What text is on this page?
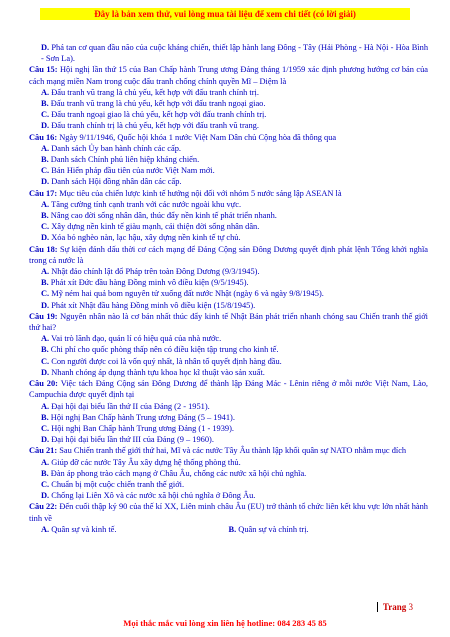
Đây là bản xem thử, vui lòng mua tài liệu để xem chi tiết (có lời giải)

D. Phá tan cơ quan đầu não của cuộc kháng chiến, thiết lập hành lang Đông - Tây (Hải Phòng - Hà Nội - Hòa Bình - Sơn La).

Câu 15: Hội nghị lần thứ 15 của Ban Chấp hành Trung ương Đảng tháng 1/1959 xác định phương hướng cơ bản của cách mạng miền Nam trong cuộc đấu tranh chống chính quyền Mĩ – Diệm là

A. Đấu tranh vũ trang là chủ yếu, kết hợp với đấu tranh chính trị.

B. Đấu tranh vũ trang là chủ yếu, kết hợp với đấu tranh ngoại giao.

C. Đấu tranh ngoại giao là chủ yếu, kết hợp với đấu tranh chính trị.

D. Đấu tranh chính trị là chủ yếu, kết hợp với đấu tranh vũ trang.

Câu 16: Ngày 9/11/1946, Quốc hội khóa 1 nước Việt Nam Dân chủ Cộng hòa đã thông qua

A. Danh sách Ủy ban hành chính các cấp.

B. Danh sách Chính phủ liên hiệp kháng chiến.

C. Bản Hiến pháp đầu tiên của nước Việt Nam mới.

D. Danh sách Hội đồng nhân dân các cấp.

Câu 17: Mục tiêu của chiến lược kinh tế hướng nội đối với nhóm 5 nước sáng lập ASEAN là

A. Tăng cường tính cạnh tranh với các nước ngoài khu vực.

B. Nâng cao đời sống nhân dân, thúc đẩy nền kinh tế phát triển nhanh.

C. Xây dựng nền kinh tế giàu mạnh, cải thiện đời sống nhân dân.

D. Xóa bỏ nghèo nàn, lạc hậu, xây dựng nền kinh tế tự chủ.

Câu 18: Sự kiện đánh dấu thời cơ cách mạng để Đảng Cộng sản Đông Dương quyết định phát lệnh Tổng khởi nghĩa trong cả nước là

A. Nhật đảo chính lật đổ Pháp trên toàn Đông Dương (9/3/1945).

B. Phát xít Đức đầu hàng Đồng minh vô điều kiện (9/5/1945).

C. Mỹ ném hai quả bom nguyên tử xuống đất nước Nhật (ngày 6 và ngày 9/8/1945).

D. Phát xít Nhật đầu hàng Đồng minh vô điều kiện (15/8/1945).

Câu 19: Nguyên nhân nào là cơ bản nhất thúc đẩy kinh tế Nhật Bản phát triển nhanh chóng sau Chiến tranh thế giới thứ hai?

A. Vai trò lãnh đạo, quản lí có hiệu quả của nhà nước.

B. Chi phí cho quốc phòng thấp nên có điều kiện tập trung cho kinh tế.

C. Con người được coi là vốn quý nhất, là nhân tố quyết định hàng đầu.

D. Nhanh chóng áp dụng thành tựu khoa học kĩ thuật vào sản xuất.

Câu 20: Việc tách Đảng Cộng sản Đông Dương để thành lập Đảng Mác - Lênin riêng ở mỗi nước Việt Nam, Lào, Campuchia được quyết định tại

A. Đại hội đại biểu lần thứ II của Đảng (2 - 1951).

B. Hội nghị Ban Chấp hành Trung ương Đảng (5 – 1941).

C. Hội nghị Ban Chấp hành Trung ương Đảng (1 - 1939).

D. Đại hội đại biểu lần thứ III của Đảng (9 – 1960).

Câu 21: Sau Chiến tranh thế giới thứ hai, Mĩ và các nước Tây Âu thành lập khối quân sự NATO nhằm mục đích

A. Giúp đỡ các nước Tây Âu xây dựng hệ thống phòng thủ.

B. Đàn áp phong trào cách mạng ở Châu Âu, chống các nước xã hội chủ nghĩa.

C. Chuẩn bị một cuộc chiến tranh thế giới.

D. Chống lại Liên Xô và các nước xã hội chủ nghĩa ở Đông Âu.

Câu 22: Đến cuối thập kỷ 90 của thế kỉ XX, Liên minh châu Âu (EU) trở thành tổ chức liên kết khu vực lớn nhất hành tinh về

A. Quân sự và kinh tế.	B. Quân sự và chính trị.
Trang 3
Mọi thắc mắc vui lòng xin liên hệ hotline: 084 283 45 85
